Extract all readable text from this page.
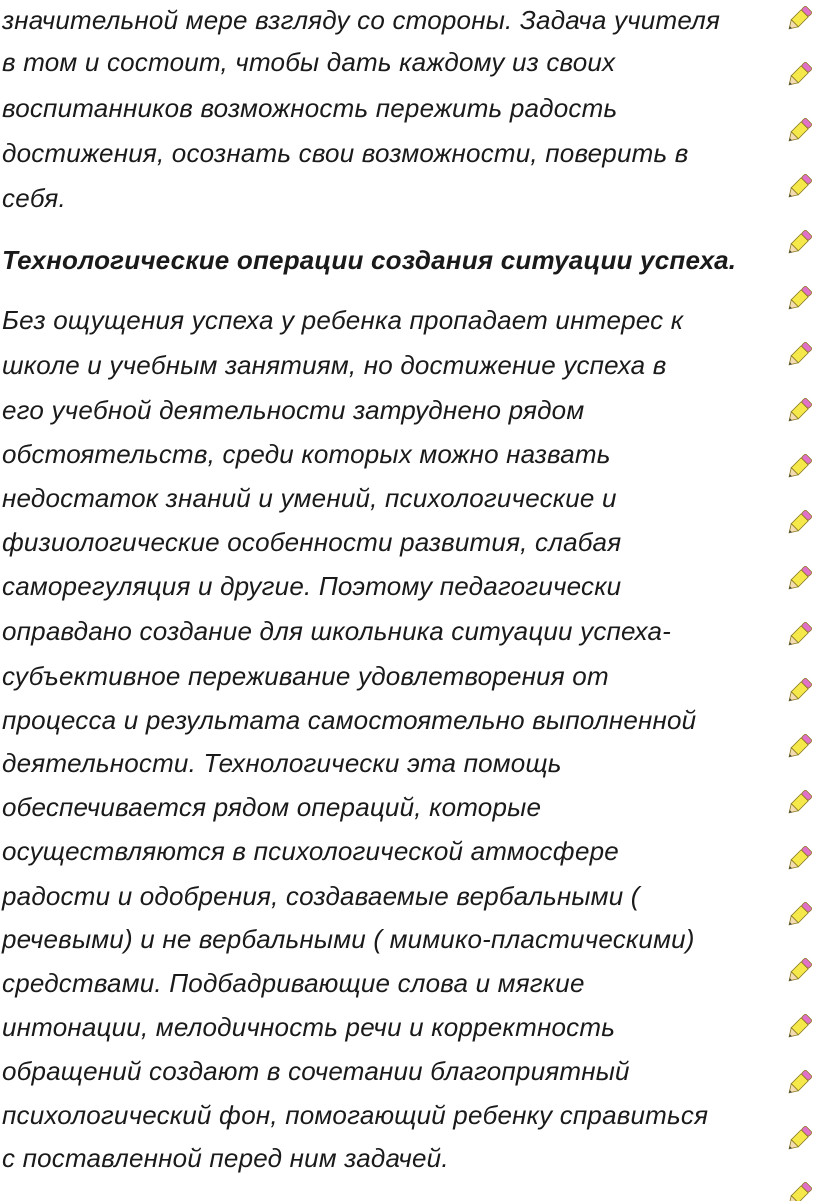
значительной мере взгляду со стороны. Задача учителя
в том и состоит, чтобы дать каждому из своих
воспитанников возможность пережить радость
достижения, осознать свои возможности, поверить в
себя.
Технологические операции создания ситуации успеха.
Без ощущения успеха у ребенка пропадает интерес к
школе и учебным занятиям, но достижение успеха в
его учебной деятельности затруднено рядом
обстоятельств, среди которых можно назвать
недостаток знаний и умений, психологические и
физиологические особенности развития, слабая
саморегуляция и другие. Поэтому педагогически
оправдано создание для школьника ситуации успеха-
субъективное переживание удовлетворения от
процесса и результата самостоятельно выполненной
деятельности. Технологически эта помощь
обеспечивается рядом операций, которые
осуществляются в психологической атмосфере
радости и одобрения, создаваемые вербальными (
речевыми) и не вербальными ( мимико-пластическими)
средствами. Подбадривающие слова и мягкие
интонации, мелодичность речи и корректность
обращений создают в сочетании благоприятный
психологический фон, помогающий ребенку справиться
с поставленной перед ним задачей.
